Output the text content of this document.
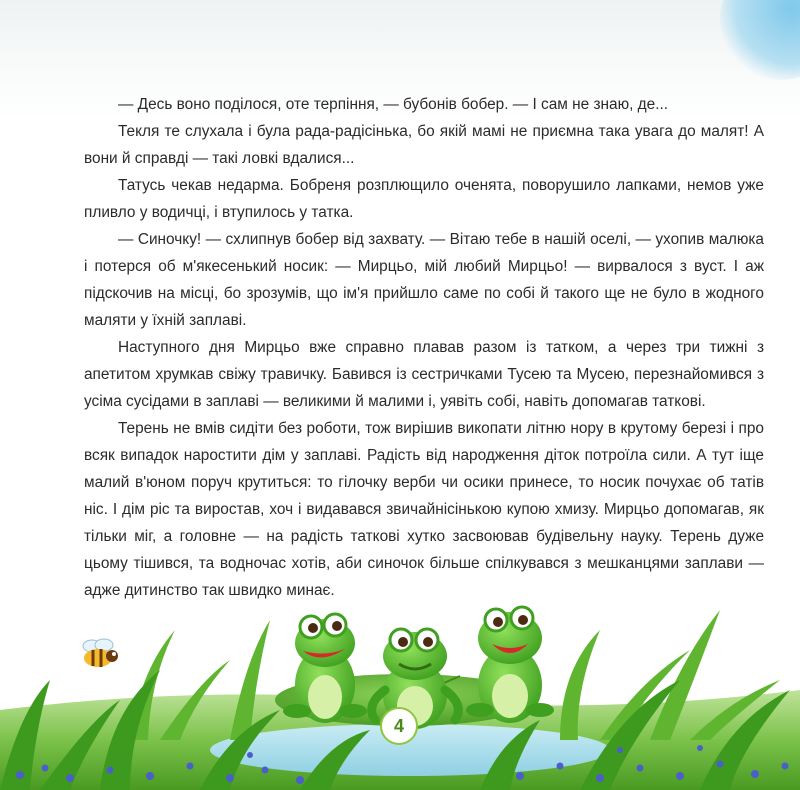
— Десь воно поділося, оте терпіння, — бубонів бобер. — І сам не знаю, де...

Текля те слухала і була рада-радісінька, бо якій мамі не приємна така увага до малят! А вони й справді — такі ловкі вдалися...

Татусь чекав недарма. Бобреня розплющило оченята, поворушило лапками, немов уже пливло у водичці, і втупилось у татка.

— Синочку! — схлипнув бобер від захвату. — Вітаю тебе в нашій оселі, — ухопив малюка і потерся об м'якесенький носик: — Мирцьо, мій любий Мирцьо! — вирвалося з вуст. І аж підскочив на місці, бо зрозумів, що ім'я прийшло саме по собі й такого ще не було в жодного маляти у їхній заплаві.

Наступного дня Мирцьо вже справно плавав разом із татком, а через три тижні з апетитом хрумкав свіжу травичку. Бавився із сестричками Тусею та Мусею, перезнайомився з усіма сусідами в заплаві — великими й малими і, уявіть собі, навіть допомагав таткові.

Терень не вмів сидіти без роботи, тож вирішив викопати літню нору в крутому березі і про всяк випадок наростити дім у заплаві. Радість від народження діток потроїла сили. А тут іще малий в'юном поруч крутиться: то гілочку верби чи осики принесе, то носик почухає об татів ніс. І дім ріс та виростав, хоч і видавався звичайнісінькою купою хмизу. Мирцьо допомагав, як тільки міг, а головне — на радість таткові хутко засвоював будівельну науку. Терень дуже цьому тішився, та водночас хотів, аби синочок більше спілкувався з мешканцями заплави — адже дитинство так швидко минає.

4
